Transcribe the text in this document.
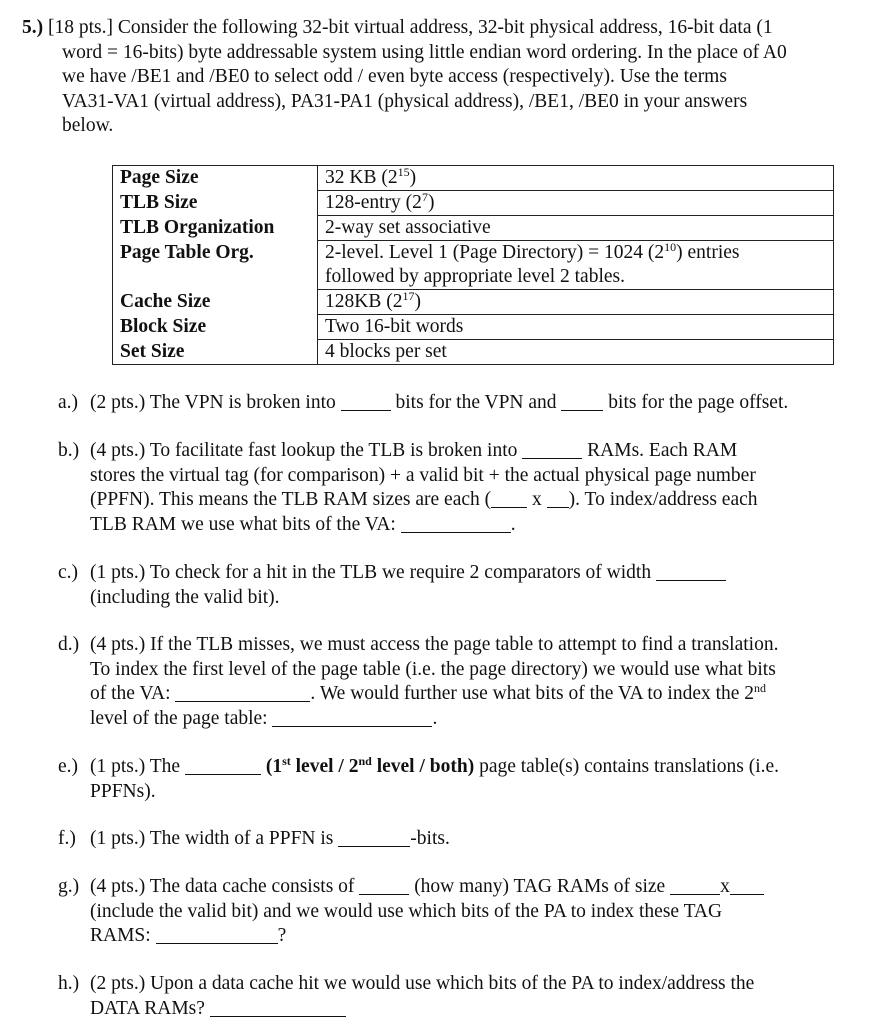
5.) [18 pts.] Consider the following 32-bit virtual address, 32-bit physical address, 16-bit data (1
word = 16-bits) byte addressable system using little endian word ordering. In the place of A0
we have /BE1 and /BE0 to select odd / even byte access (respectively). Use the terms
VA31-VA1 (virtual address), PA31-PA1 (physical address), /BE1, /BE0 in your answers
below.
Page Size	32 KB $(2^{15})$
TLB Size	128-entry $(2^7)$
TLB Organization	2-way set associative
Page Table Org.	2-level. Level 1 (Page Directory) = 1024 $(2^{10})$ entries
followed by appropriate level 2 tables.
Cache Size	128KB $(2^{17})$
Block Size	Two 16-bit words
Set Size	4 blocks per set
a.) (2 pts.) The VPN is broken into	bits for the VPN and  bits for the page offset.
b.) (4 pts.) To facilitate fast lookup the TLB is broken into	RAMs. Each RAM
stores the virtual tag (for comparison) + a valid bit + the actual physical page number
(PPFN). This means the TLB RAM sizes are each ( x ). To index/address each
TLB RAM we use what bits of the VA:	.
c.) (1 pts.) To check for a hit in the TLB we require 2 comparators of width
(including the valid bit).
d.) (4 pts.) If the TLB misses, we must access the page table to attempt to find a translation.
To index the first level of the page table (i.e. the page directory) we would use what bits
of the VA:	. We would further use what bits of the VA to index the 2nd
level of the page table:	.
e.) (1 pts.) The	(1st level / 2nd level / both) page table(s) contains translations (i.e.
PPFNs).
f.) (1 pts.) The width of a PPFN is	-bits.
g.) (4 pts.) The data cache consists of	(how many) TAG RAMs of size	x
(include the valid bit) and we would use which bits of the PA to index these TAG
RAMS:	?
h.) (2 pts.) Upon a data cache hit we would use which bits of the PA to index/address the
DATA RAMs?
